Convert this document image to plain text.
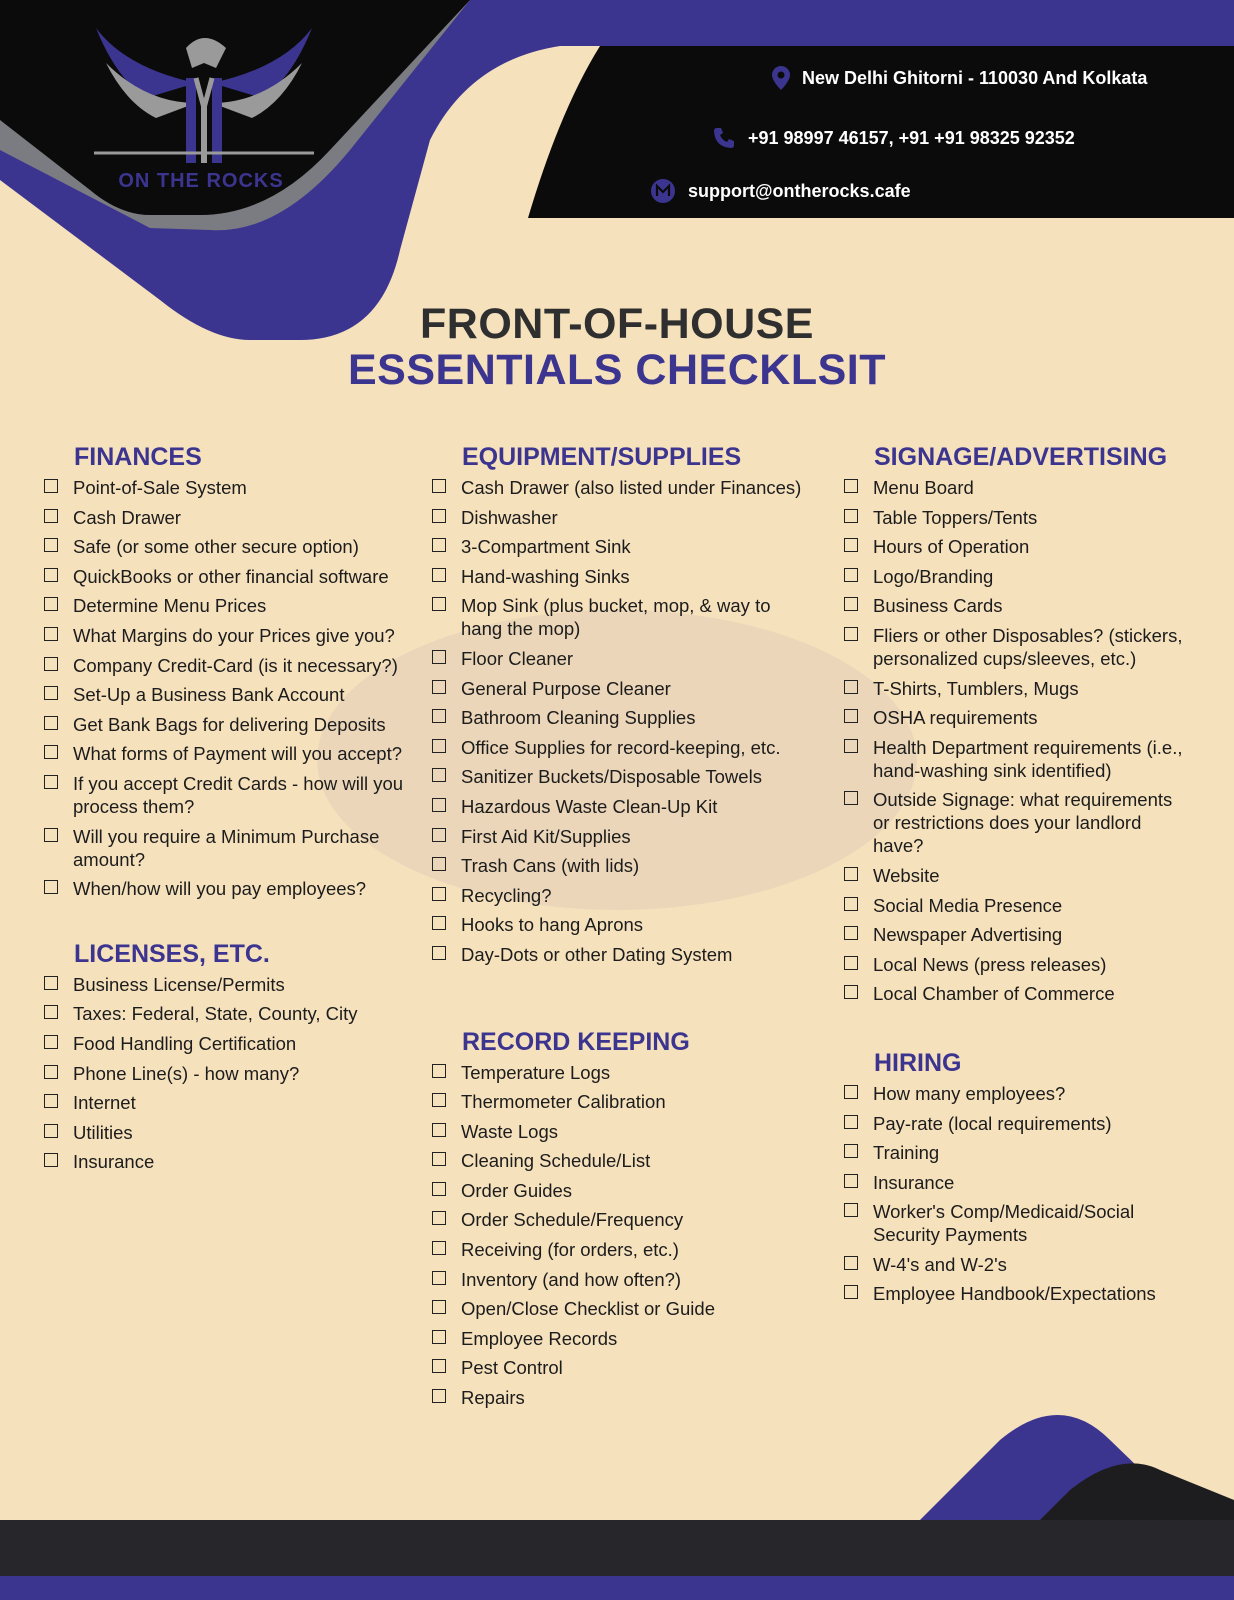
ON THE ROCKS
New Delhi Ghitorni - 110030 And Kolkata
+91 98997 46157, +91 +91 98325 92352
support@ontherocks.cafe
FRONT-OF-HOUSE
ESSENTIALS CHECKLSIT
FINANCES
Point-of-Sale System
Cash Drawer
Safe (or some other secure option)
QuickBooks or other financial software
Determine Menu Prices
What Margins do your Prices give you?
Company Credit-Card (is it necessary?)
Set-Up a Business Bank Account
Get Bank Bags for delivering Deposits
What forms of Payment will you accept?
If you accept Credit Cards - how will you process them?
Will you require a Minimum Purchase amount?
When/how will you pay employees?
LICENSES, ETC.
Business License/Permits
Taxes: Federal, State, County, City
Food Handling Certification
Phone Line(s) - how many?
Internet
Utilities
Insurance
EQUIPMENT/SUPPLIES
Cash Drawer (also listed under Finances)
Dishwasher
3-Compartment Sink
Hand-washing Sinks
Mop Sink (plus bucket, mop, & way to hang the mop)
Floor Cleaner
General Purpose Cleaner
Bathroom Cleaning Supplies
Office Supplies for record-keeping, etc.
Sanitizer Buckets/Disposable Towels
Hazardous Waste Clean-Up Kit
First Aid Kit/Supplies
Trash Cans (with lids)
Recycling?
Hooks to hang Aprons
Day-Dots or other Dating System
RECORD KEEPING
Temperature Logs
Thermometer Calibration
Waste Logs
Cleaning Schedule/List
Order Guides
Order Schedule/Frequency
Receiving (for orders, etc.)
Inventory (and how often?)
Open/Close Checklist or Guide
Employee Records
Pest Control
Repairs
SIGNAGE/ADVERTISING
Menu Board
Table Toppers/Tents
Hours of Operation
Logo/Branding
Business Cards
Fliers or other Disposables? (stickers, personalized cups/sleeves, etc.)
T-Shirts, Tumblers, Mugs
OSHA requirements
Health Department requirements (i.e., hand-washing sink identified)
Outside Signage: what requirements or restrictions does your landlord have?
Website
Social Media Presence
Newspaper Advertising
Local News (press releases)
Local Chamber of Commerce
HIRING
How many employees?
Pay-rate (local requirements)
Training
Insurance
Worker's Comp/Medicaid/Social Security Payments
W-4's and W-2's
Employee Handbook/Expectations
